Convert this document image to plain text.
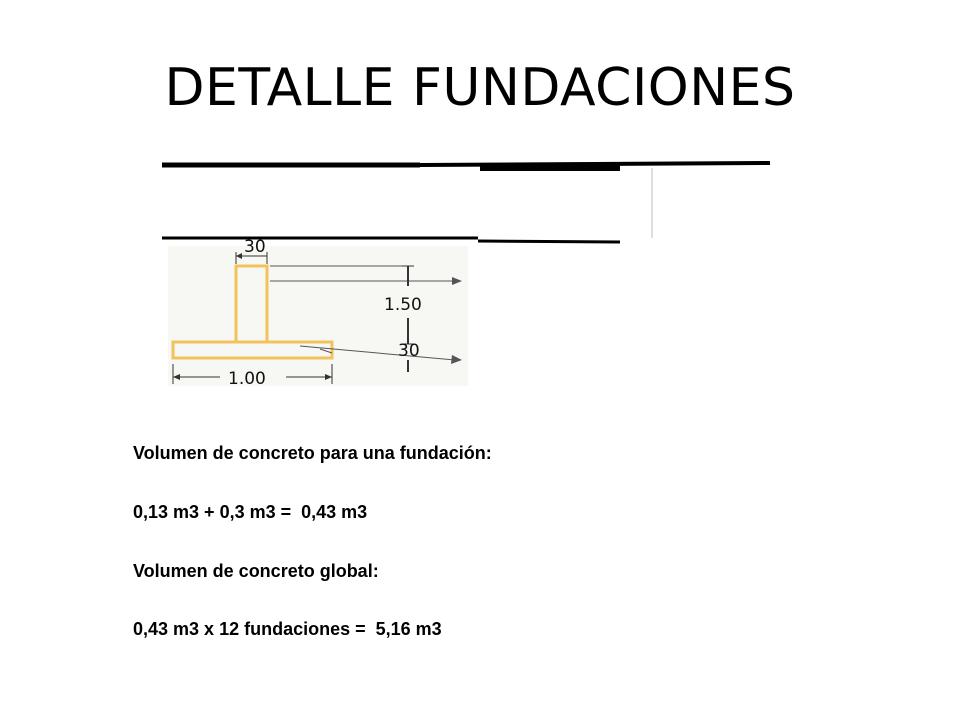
DETALLE FUNDACIONES
30
1.50
30
1.00
Volumen de concreto para una fundación:
0,13 m3 + 0,3 m3 =  0,43 m3
Volumen de concreto global:
0,43 m3 x 12 fundaciones =  5,16 m3
